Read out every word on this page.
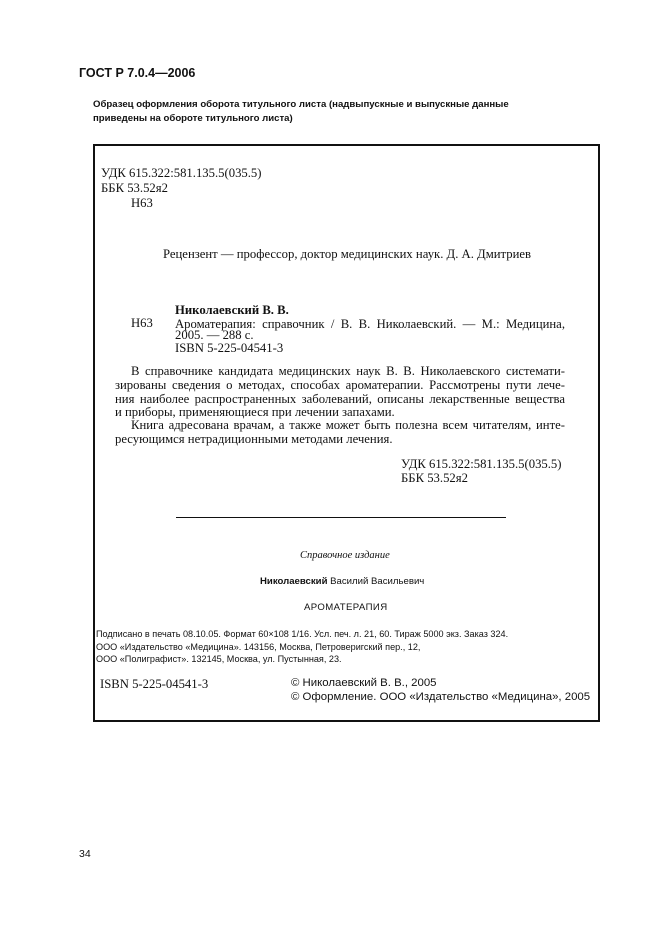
ГОСТ Р 7.0.4—2006
Образец оформления оборота титульного листа (надвыпускные и выпускные данные приведены на обороте титульного листа)
УДК 615.322:581.135.5(035.5)
ББК 53.52я2
Н63
Рецензент — профессор, доктор медицинских наук. Д. А. Дмитриев
Николаевский В. В.
Н63 Ароматерапия: справочник / В. В. Николаевский. — М.: Медицина,
2005. — 288 с.
ISBN 5-225-04541-3
В справочнике кандидата медицинских наук В. В. Николаевского системати-
зированы сведения о методах, способах ароматерапии. Рассмотрены пути лече-
ния наиболее распространенных заболеваний, описаны лекарственные вещества
и приборы, применяющиеся при лечении запахами.
Книга адресована врачам, а также может быть полезна всем читателям, инте-
ресующимся нетрадиционными методами лечения.
УДК 615.322:581.135.5(035.5)
ББК 53.52я2
Справочное издание
Николаевский Василий Васильевич
АРОМАТЕРАПИЯ
Подписано в печать 08.10.05. Формат 60×108 1/16. Усл. печ. л. 21, 60. Тираж 5000 экз. Заказ 324.
ООО «Издательство «Медицина». 143156, Москва, Петроверигский пер., 12,
ООО «Полиграфист». 132145, Москва, ул. Пустынная, 23.
ISBN 5-225-04541-3	© Николаевский В. В., 2005
© Оформление. ООО «Издательство «Медицина», 2005
34
